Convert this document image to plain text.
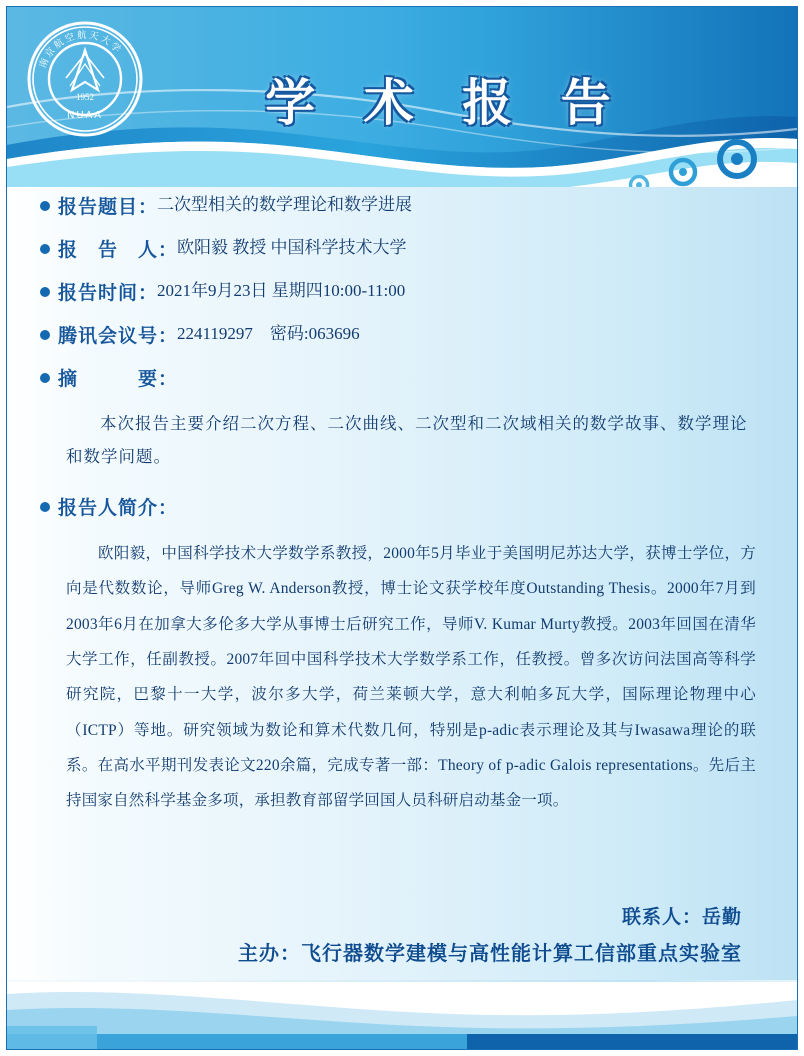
学 术 报 告
1952
NUAA
南京航空航天大学
报告题目 ： 二次型相关的数学理论和数学进展
报　告　人 ： 欧阳毅 教授 中国科学技术大学
报告时间 ： 2021年9月23日 星期四10:00-11:00
腾讯会议号 ： 224119297　密码:063696
摘　　　要 ：
本次报告主要介绍二次方程、二次曲线、二次型和二次域相关的数学故事、数学理论和数学问题。
报告人简介 ：
欧阳毅，中国科学技术大学数学系教授，2000年5月毕业于美国明尼苏达大学，获博士学位，方向是代数数论，导师Greg W. Anderson教授，博士论文获学校年度Outstanding Thesis。2000年7月到2003年6月在加拿大多伦多大学从事博士后研究工作，导师V. Kumar Murty教授。2003年回国在清华大学工作，任副教授。2007年回中国科学技术大学数学系工作，任教授。曾多次访问法国高等科学研究院，巴黎十一大学，波尔多大学，荷兰莱顿大学，意大利帕多瓦大学，国际理论物理中心（ICTP）等地。研究领域为数论和算术代数几何，特别是p-adic表示理论及其与Iwasawa理论的联系。在高水平期刊发表论文220余篇，完成专著一部：Theory of p-adic Galois representations。先后主持国家自然科学基金多项，承担教育部留学回国人员科研启动基金一项。
联系人：岳勤
主办：飞行器数学建模与高性能计算工信部重点实验室
